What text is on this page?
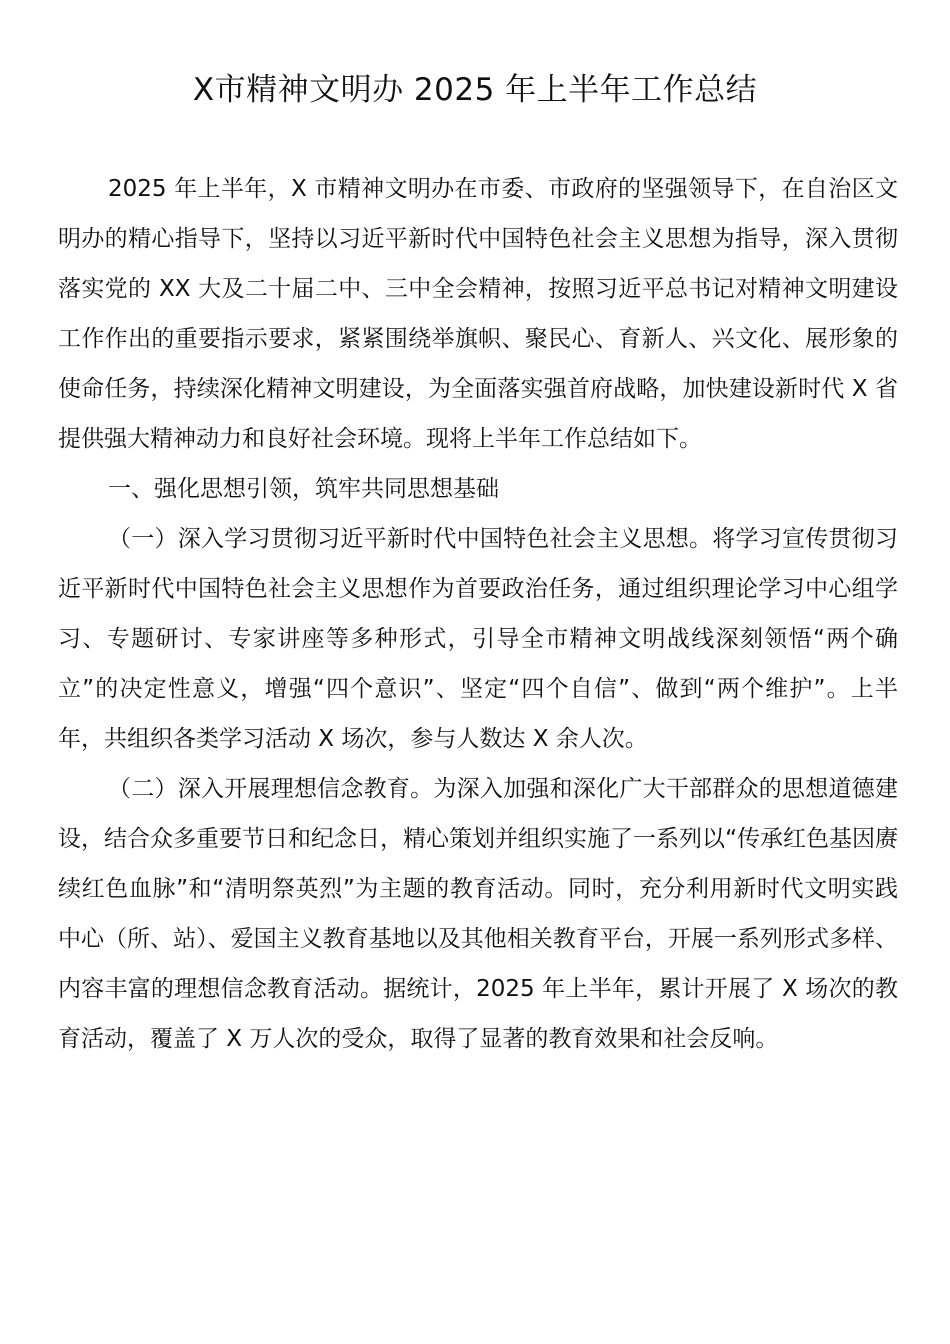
X市精神文明办 2025 年上半年工作总结

2025 年上半年，X 市精神文明办在市委、市政府的坚强领导下，在自治区文明办的精心指导下，坚持以习近平新时代中国特色社会主义思想为指导，深入贯彻落实党的 XX 大及二十届二中、三中全会精神，按照习近平总书记对精神文明建设工作作出的重要指示要求，紧紧围绕举旗帜、聚民心、育新人、兴文化、展形象的使命任务，持续深化精神文明建设，为全面落实强首府战略，加快建设新时代 X 省提供强大精神动力和良好社会环境。现将上半年工作总结如下。

一、强化思想引领，筑牢共同思想基础

（一）深入学习贯彻习近平新时代中国特色社会主义思想。将学习宣传贯彻习近平新时代中国特色社会主义思想作为首要政治任务，通过组织理论学习中心组学习、专题研讨、专家讲座等多种形式，引导全市精神文明战线深刻领悟“两个确立”的决定性意义，增强“四个意识”、坚定“四个自信”、做到“两个维护”。上半年，共组织各类学习活动 X 场次，参与人数达 X 余人次。

（二）深入开展理想信念教育。为深入加强和深化广大干部群众的思想道德建设，结合众多重要节日和纪念日，精心策划并组织实施了一系列以“传承红色基因赓续红色血脉”和“清明祭英烈”为主题的教育活动。同时，充分利用新时代文明实践中心（所、站）、爱国主义教育基地以及其他相关教育平台，开展一系列形式多样、内容丰富的理想信念教育活动。据统计，2025 年上半年，累计开展了 X 场次的教育活动，覆盖了 X 万人次的受众，取得了显著的教育效果和社会反响。
